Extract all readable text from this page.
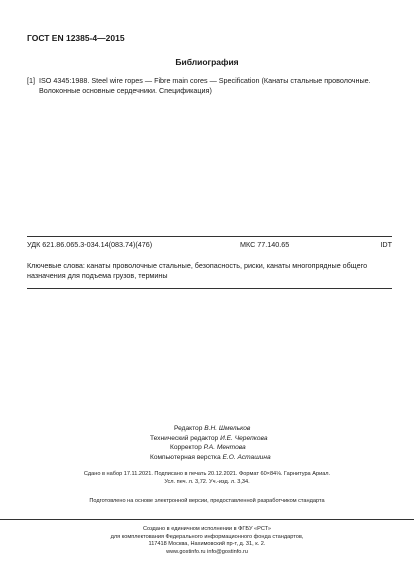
ГОСТ EN 12385-4—2015
Библиография
[1] ISO 4345:1988. Steel wire ropes — Fibre main cores — Specification (Канаты стальные проволочные. Волоконные основные сердечники. Спецификация)
УДК 621.86.065.3-034.14(083.74)(476)	МКС 77.140.65	IDT
Ключевые слова: канаты проволочные стальные, безопасность, риски, канаты многопрядные общего назначения для подъема грузов, термины
Редактор В.Н. Шмельков
Технический редактор И.Е. Черепкова
Корректор Р.А. Ментова
Компьютерная верстка Е.О. Асташина
Сдано в набор 17.11.2021. Подписано в печать 20.12.2021. Формат 60×84⅛. Гарнитура Ариал.
Усл. печ. л. 3,72. Уч.-изд. л. 3,34.
Подготовлено на основе электронной версии, предоставленной разработчиком стандарта
Создано в единичном исполнении в ФГБУ «РСТ»
для комплектования Федерального информационного фонда стандартов,
117418 Москва, Нахимовский пр-т, д. 31, к. 2.
www.gostinfo.ru info@gostinfo.ru
